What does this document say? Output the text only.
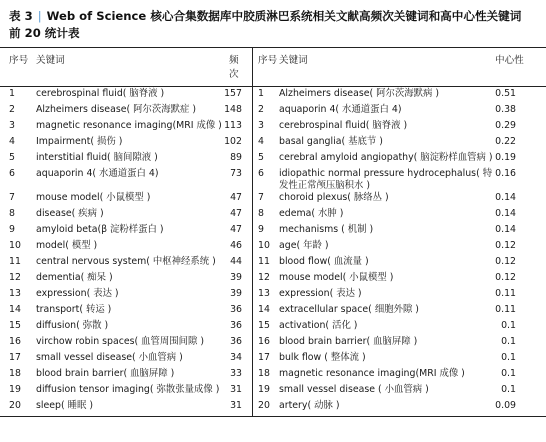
表 3 | Web of Science 核心合集数据库中胶质淋巴系统相关文献高频次关键词和高中心性关键词
前 20 统计表
序号 关键词	频
次
序号 关键词	中心性
1 cerebrospinal fluid( 脑脊液 )	157
2 Alzheimers disease( 阿尔茨海默症 )	148
3 magnetic resonance imaging(MRI 成像 ) 113
4 Impairment( 损伤 )	102
5 interstitial fluid( 脑间隙液 )	89
6 aquaporin 4( 水通道蛋白 4)	73
7 mouse model( 小鼠模型 )	47
8 disease( 疾病 )	47
9 amyloid beta(β 淀粉样蛋白 )	47
10 model( 模型 )	46
11 central nervous system( 中枢神经系统 )	44
12 dementia( 痴呆 )	39
13 expression( 表达 )	39
14 transport( 转运 )	36
15 diffusion( 弥散 )	36
16 virchow robin spaces( 血管周围间隙 )	36
17 small vessel disease( 小血管病 )	34
18 blood brain barrier( 血脑屏障 )	33
19 diffusion tensor imaging( 弥散张量成像 )	31
20 sleep( 睡眠 )	31
1 Alzheimers disease( 阿尔茨海默病 )	0.51
2 aquaporin 4( 水通道蛋白 4)	0.38
3 cerebrospinal fluid( 脑脊液 )	0.29
4 basal ganglia( 基底节 )	0.22
5 cerebral amyloid angiopathy( 脑淀粉样血管病 ) 0.19
6 idiopathic normal pressure hydrocephalus( 特
发性正常颅压脑积水 )
0.16
7 choroid plexus( 脉络丛 )	0.14
8 edema( 水肿 )	0.14
9 mechanisms ( 机制 )	0.14
10 age( 年龄 )	0.12
11 blood flow( 血流量 )	0.12
12 mouse model( 小鼠模型 )	0.12
13 expression( 表达 )	0.11
14 extracellular space( 细胞外隙 )	0.11
15 activation( 活化 )	0.1
16 blood brain barrier( 血脑屏障 )	0.1
17 bulk flow ( 整体流 )	0.1
18 magnetic resonance imaging(MRI 成像 )	0.1
19 small vessel disease ( 小血管病 )	0.1
20 artery( 动脉 )	0.09
